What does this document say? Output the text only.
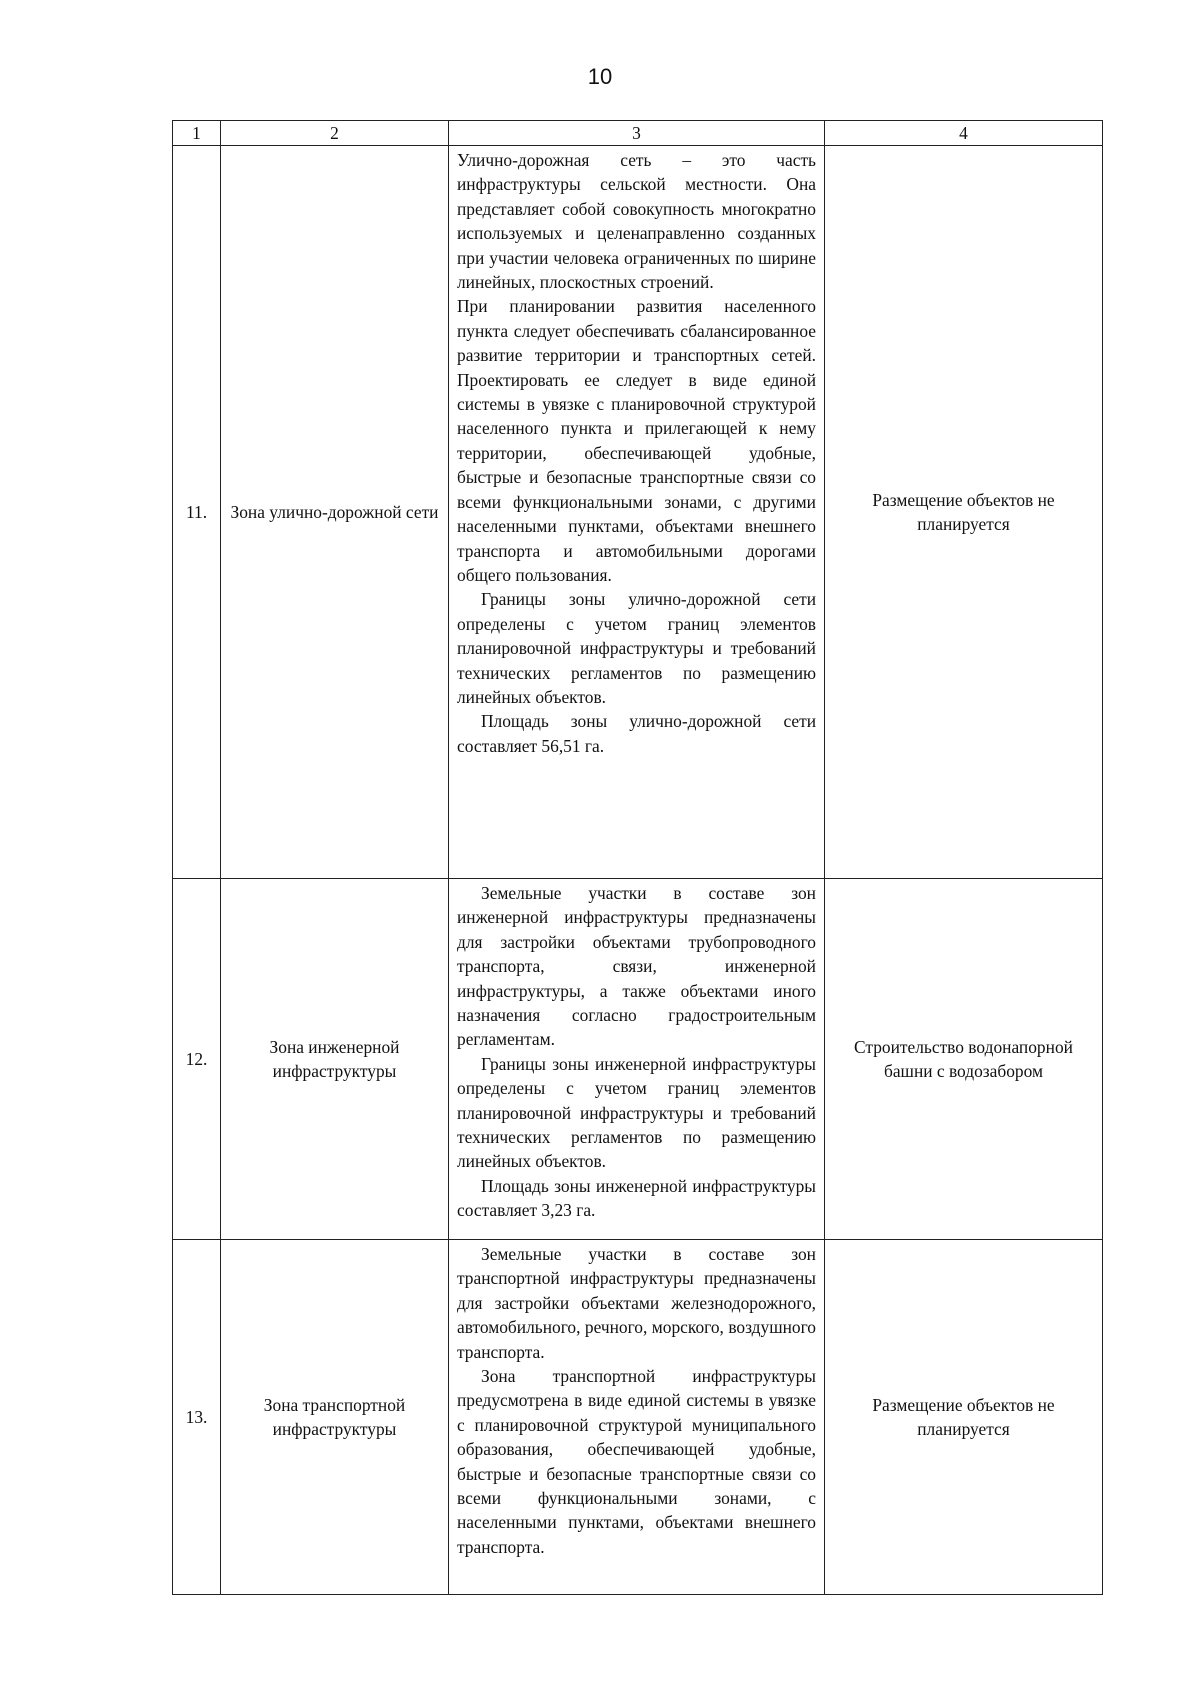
10
1	2	3	4
11.	Зона улично-дорожной сети	Улично-дорожная сеть – это часть инфраструктуры сельской местности. Она представляет собой совокупность многократно используемых и целенаправленно созданных при участии человека ограниченных по ширине линейных, плоскостных строений.

При планировании развития населенного пункта следует обеспечивать сбалансированное развитие территории и транспортных сетей. Проектировать ее следует в виде единой системы в увязке с планировочной структурой населенного пункта и прилегающей к нему территории, обеспечивающей удобные, быстрые и безопасные транспортные связи со всеми функциональными зонами, с другими населенными пунктами, объектами внешнего транспорта и автомобильными дорогами общего пользования.

Границы зоны улично-дорожной сети определены с учетом границ элементов планировочной инфраструктуры и требований технических регламентов по размещению линейных объектов.

Площадь зоны улично-дорожной сети составляет 56,51 га.	Размещение объектов не планируется
12.	Зона инженерной инфраструктуры	Земельные участки в составе зон инженерной инфраструктуры предназначены для застройки объектами трубопроводного транспорта, связи, инженерной инфраструктуры, а также объектами иного назначения согласно градостроительным регламентам.

Границы зоны инженерной инфраструктуры определены с учетом границ элементов планировочной инфраструктуры и требований технических регламентов по размещению линейных объектов.

Площадь зоны инженерной инфраструктуры составляет 3,23 га.	Строительство водонапорной башни с водозабором
13.	Зона транспортной инфраструктуры	Земельные участки в составе зон транспортной инфраструктуры предназначены для застройки объектами железнодорожного, автомобильного, речного, морского, воздушного транспорта.

Зона транспортной инфраструктуры предусмотрена в виде единой системы в увязке с планировочной структурой муниципального образования, обеспечивающей удобные, быстрые и безопасные транспортные связи со всеми функциональными зонами, с населенными пунктами, объектами внешнего транспорта.	Размещение объектов не планируется
